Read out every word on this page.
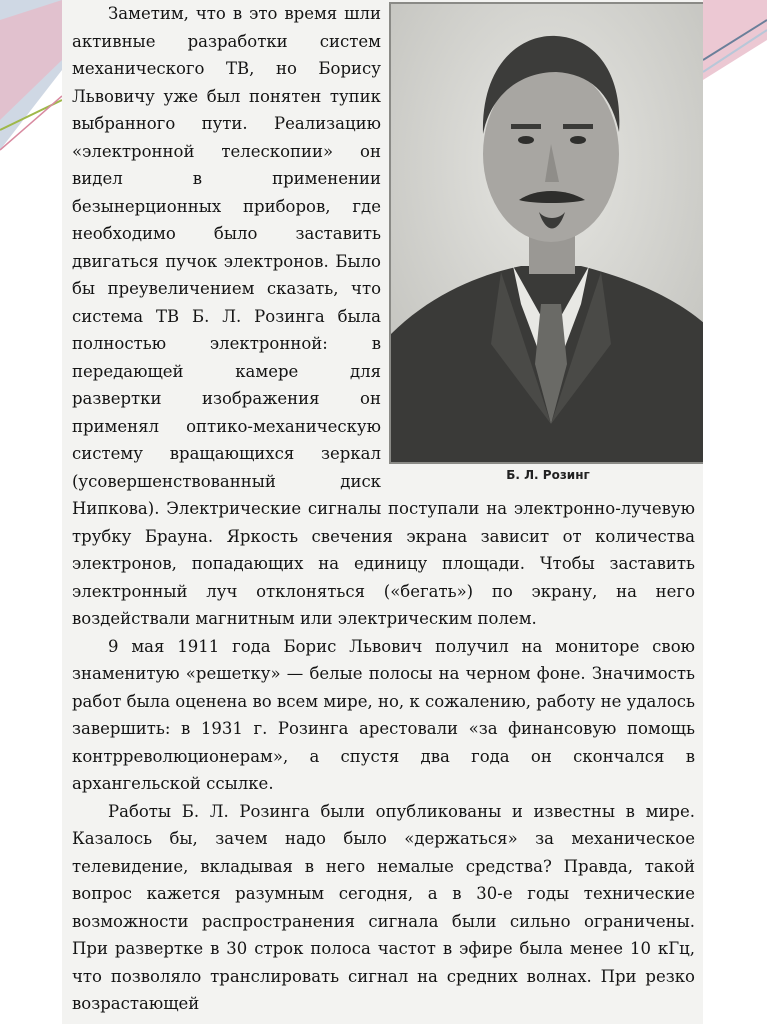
Б. Л. Розинг

Заметим, что в это время шли активные разработки систем механического ТВ, но Борису Львовичу уже был понятен тупик выбранного пути. Реализацию «электронной телескопии» он видел в применении безынерционных приборов, где необходимо было заставить двигаться пучок электронов. Было бы преувеличением сказать, что система ТВ Б. Л. Розинга была полностью электронной: в передающей камере для развертки изображения он применял оптико-механическую систему вращающихся зеркал (усовершенствованный диск Нипкова). Электрические сигналы поступали на электронно-лучевую трубку Брауна. Яркость свечения экрана зависит от количества электронов, попадающих на единицу площади. Чтобы заставить электронный луч отклоняться («бегать») по экрану, на него воздействали магнитным или электрическим полем.

9 мая 1911 года Борис Львович получил на мониторе свою знаменитую «решетку» — белые полосы на черном фоне. Значимость работ была оценена во всем мире, но, к сожалению, работу не удалось завершить: в 1931 г. Розинга арестовали «за финансовую помощь контрреволюционерам», а спустя два года он скончался в архангельской ссылке.

Работы Б. Л. Розинга были опубликованы и известны в мире. Казалось бы, зачем надо было «держаться» за механическое телевидение, вкладывая в него немалые средства? Правда, такой вопрос кажется разумным сегодня, а в 30-е годы технические возможности распространения сигнала были сильно ограничены. При развертке в 30 строк полоса частот в эфире была менее 10 кГц, что позволяло транслировать сигнал на средних волнах. При резко возрастающей
